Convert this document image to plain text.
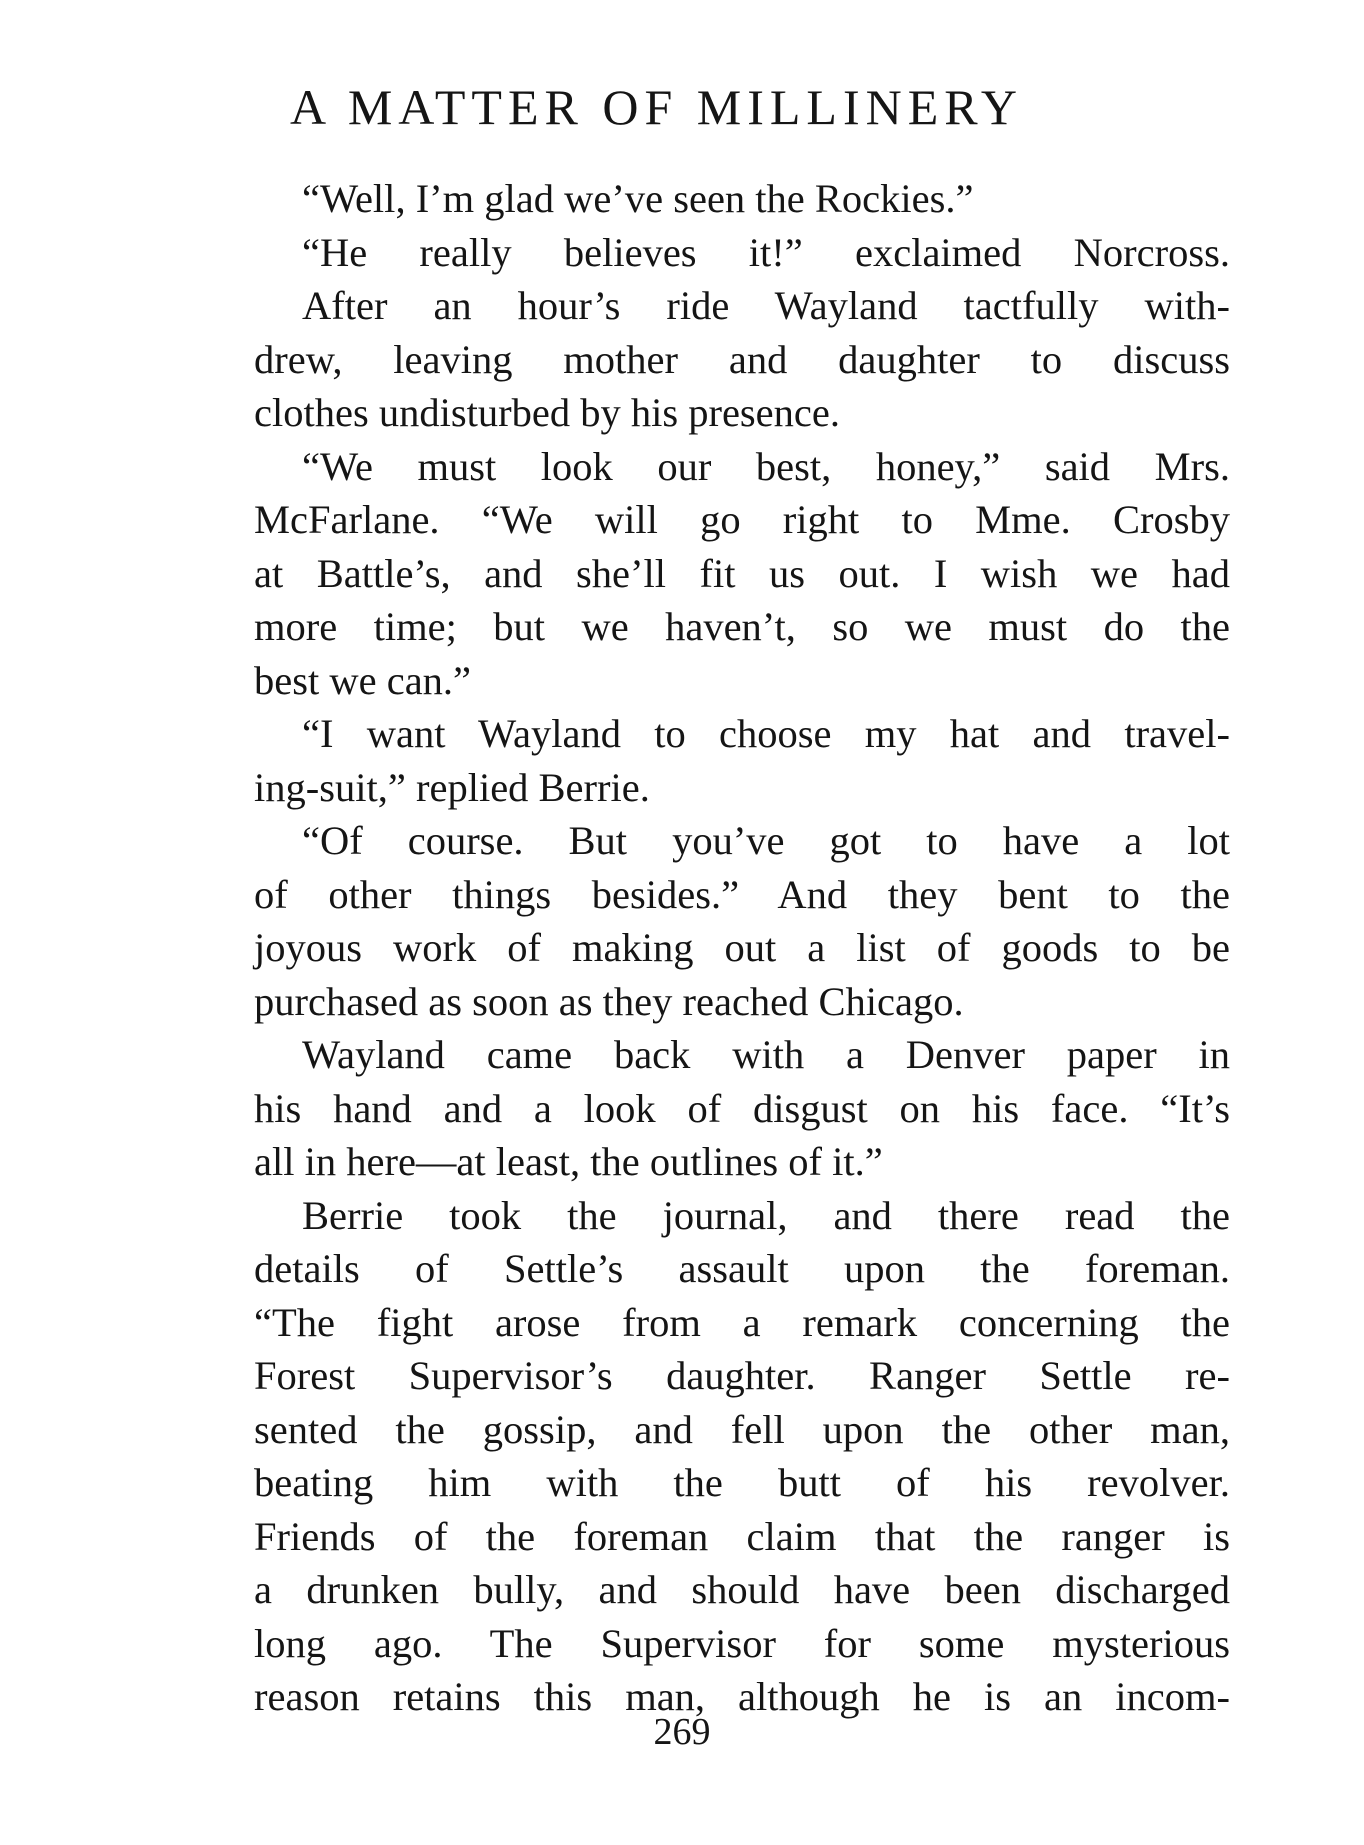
A MATTER OF MILLINERY
“Well, I’m glad we’ve seen the Rockies.”
“He really believes it!” exclaimed Norcross.
After an hour’s ride Wayland tactfully with-
drew, leaving mother and daughter to discuss
clothes undisturbed by his presence.
“We must look our best, honey,” said Mrs.
McFarlane. “We will go right to Mme. Crosby
at Battle’s, and she’ll fit us out. I wish we had
more time; but we haven’t, so we must do the
best we can.”
“I want Wayland to choose my hat and travel-
ing-suit,” replied Berrie.
“Of course. But you’ve got to have a lot
of other things besides.” And they bent to the
joyous work of making out a list of goods to be
purchased as soon as they reached Chicago.
Wayland came back with a Denver paper in
his hand and a look of disgust on his face. “It’s
all in here—at least, the outlines of it.”
Berrie took the journal, and there read the
details of Settle’s assault upon the foreman.
“The fight arose from a remark concerning the
Forest Supervisor’s daughter. Ranger Settle re-
sented the gossip, and fell upon the other man,
beating him with the butt of his revolver.
Friends of the foreman claim that the ranger is
a drunken bully, and should have been discharged
long ago. The Supervisor for some mysterious
reason retains this man, although he is an incom-
269
